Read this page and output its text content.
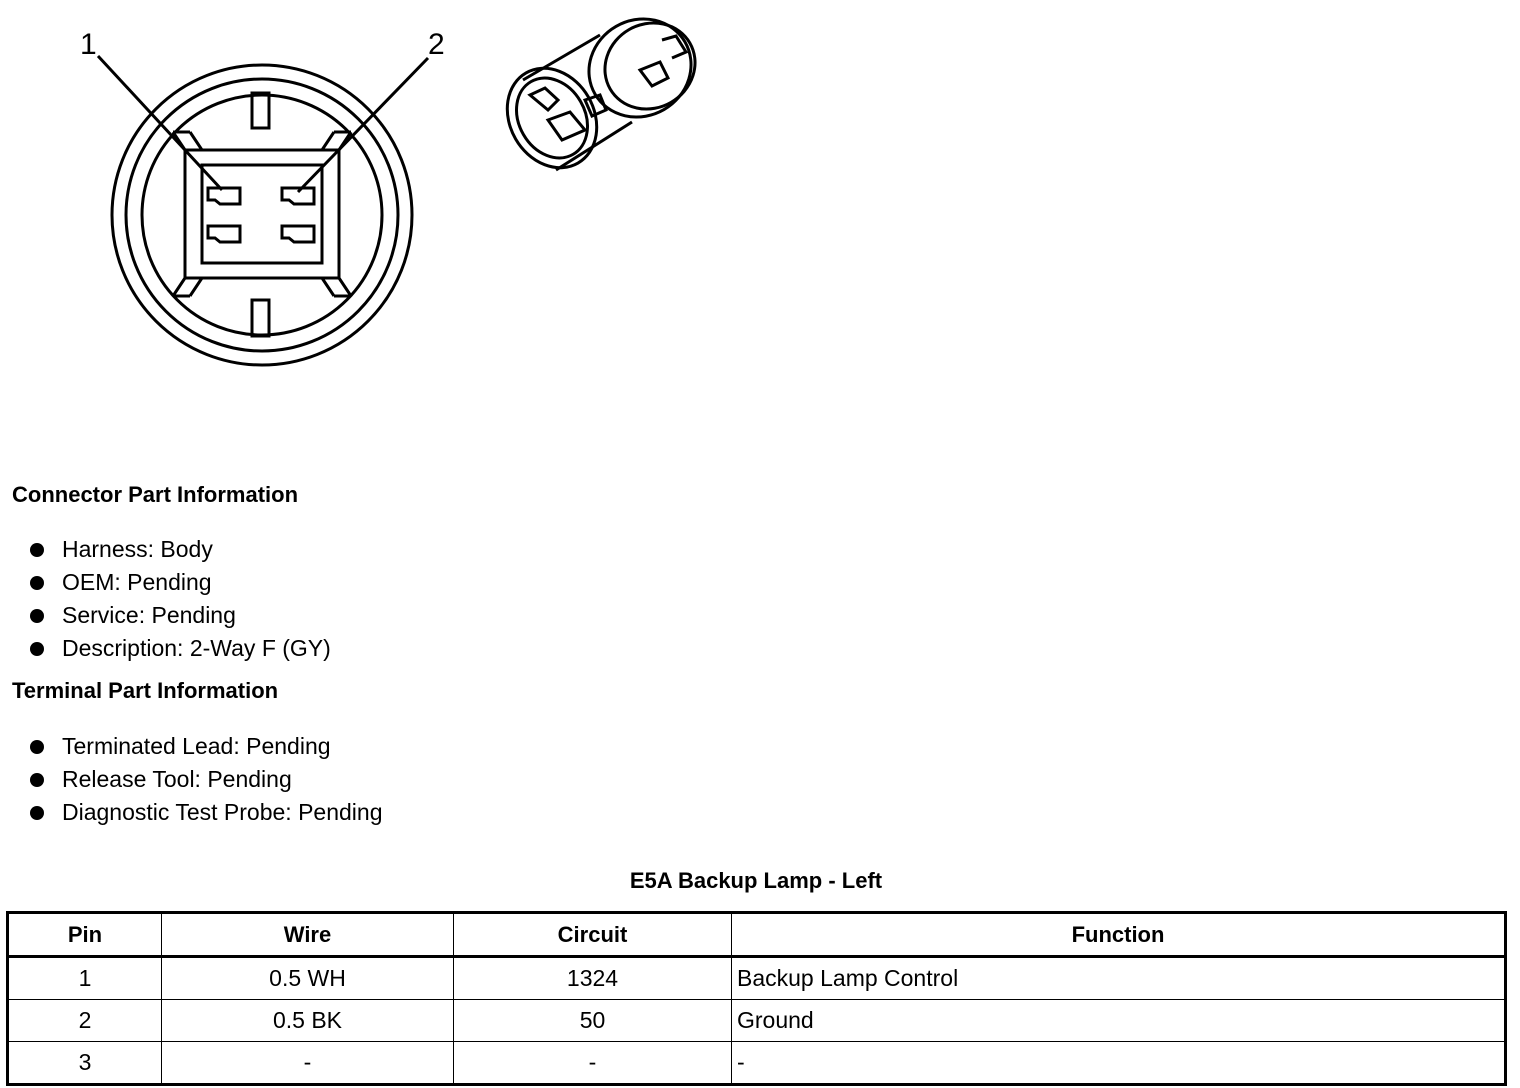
1	2
Connector Part Information
Harness: Body
OEM: Pending
Service: Pending
Description: 2-Way F (GY)
Terminal Part Information
Terminated Lead: Pending
Release Tool: Pending
Diagnostic Test Probe: Pending
E5A Backup Lamp - Left
Pin	Wire	Circuit	Function
1	0.5 WH	1324	Backup Lamp Control
2	0.5 BK	50	Ground
3	-	-	-
